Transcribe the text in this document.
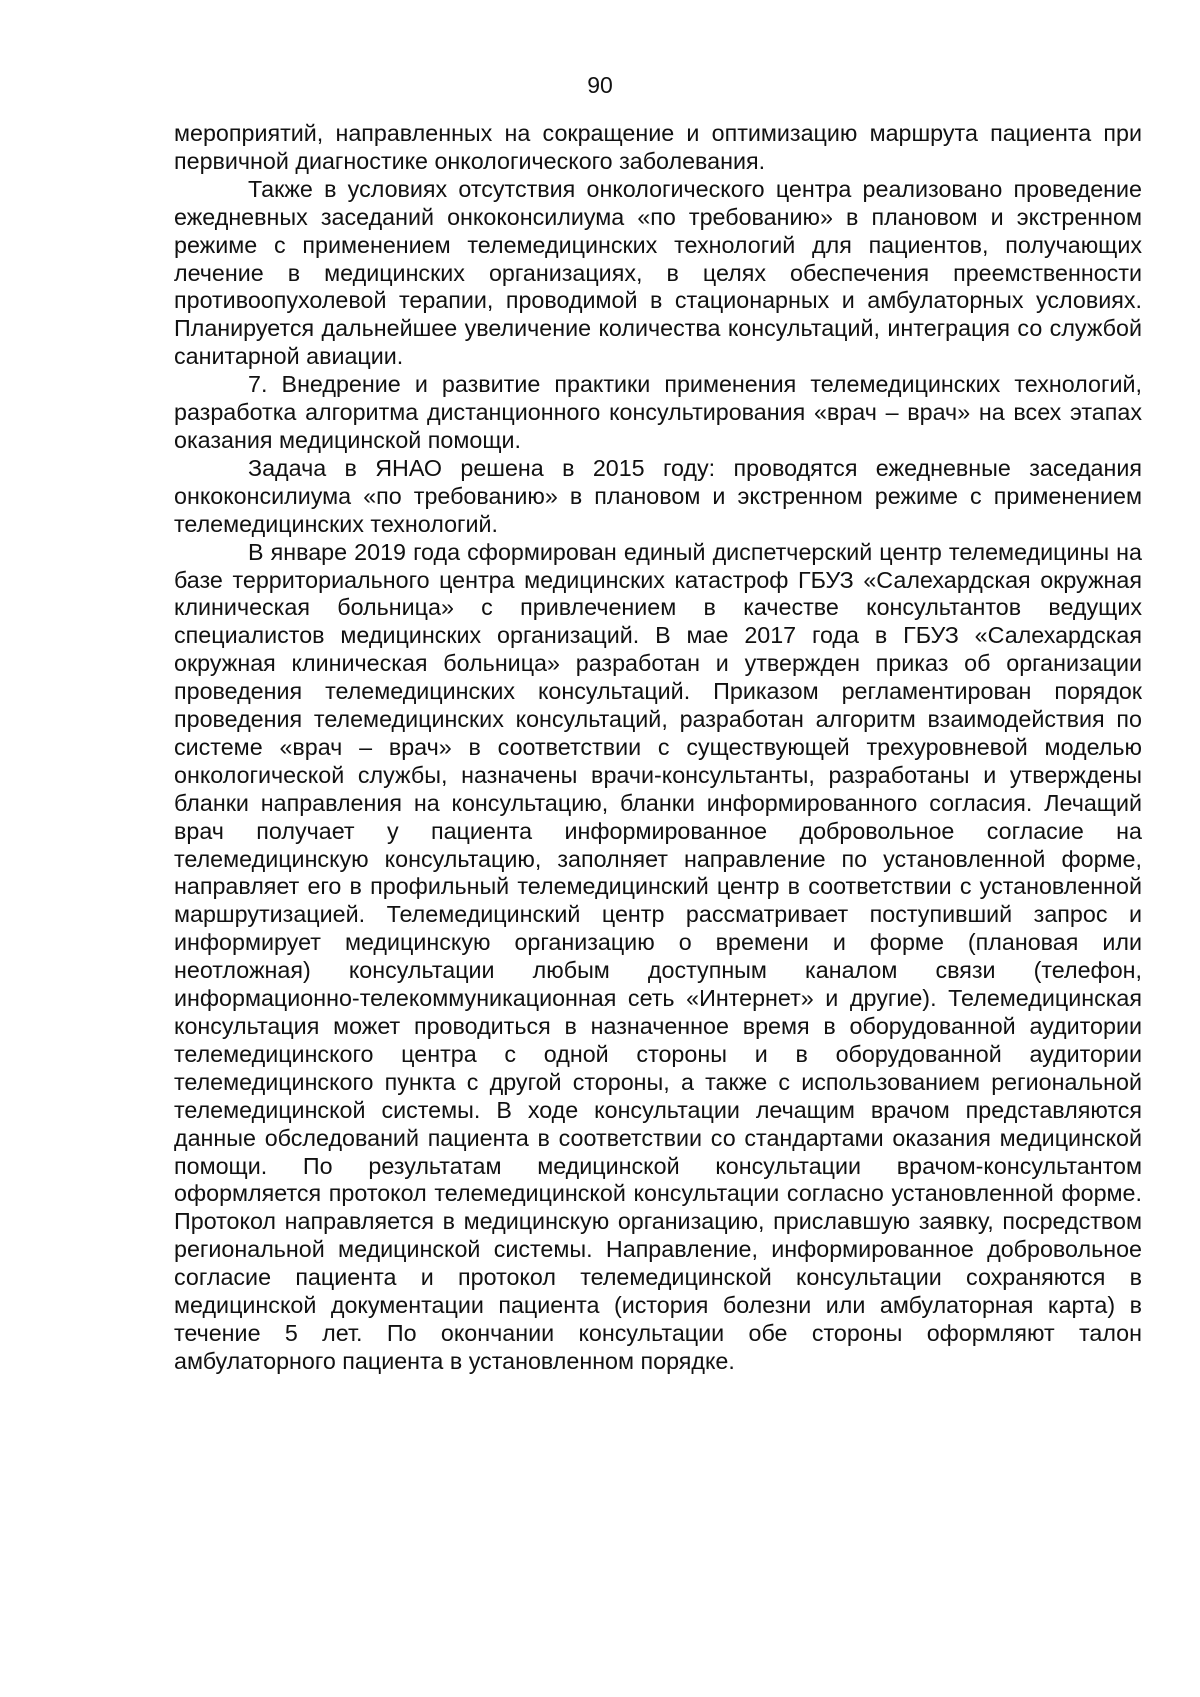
90

мероприятий, направленных на сокращение и оптимизацию маршрута пациента при первичной диагностике онкологического заболевания.

Также в условиях отсутствия онкологического центра реализовано проведение ежедневных заседаний онкоконсилиума «по требованию» в плановом и экстренном режиме с применением телемедицинских технологий для пациентов, получающих лечение в медицинских организациях, в целях обеспечения преемственности противоопухолевой терапии, проводимой в стационарных и амбулаторных условиях. Планируется дальнейшее увеличение количества консультаций, интеграция со службой санитарной авиации.

7. Внедрение и развитие практики применения телемедицинских технологий, разработка алгоритма дистанционного консультирования «врач – врач» на всех этапах оказания медицинской помощи.

Задача в ЯНАО решена в 2015 году: проводятся ежедневные заседания онкоконсилиума «по требованию» в плановом и экстренном режиме с применением телемедицинских технологий.

В январе 2019 года сформирован единый диспетчерский центр телемедицины на базе территориального центра медицинских катастроф ГБУЗ «Салехардская окружная клиническая больница» с привлечением в качестве консультантов ведущих специалистов медицинских организаций. В мае 2017 года в ГБУЗ «Салехардская окружная клиническая больница» разработан и утвержден приказ об организации проведения телемедицинских консультаций. Приказом регламентирован порядок проведения телемедицинских консультаций, разработан алгоритм взаимодействия по системе «врач – врач» в соответствии с существующей трехуровневой моделью онкологической службы, назначены врачи-консультанты, разработаны и утверждены бланки направления на консультацию, бланки информированного согласия. Лечащий врач получает у пациента информированное добровольное согласие на телемедицинскую консультацию, заполняет направление по установленной форме, направляет его в профильный телемедицинский центр в соответствии с установленной маршрутизацией. Телемедицинский центр рассматривает поступивший запрос и информирует медицинскую организацию о времени и форме (плановая или неотложная) консультации любым доступным каналом связи (телефон, информационно-телекоммуникационная сеть «Интернет» и другие). Телемедицинская консультация может проводиться в назначенное время в оборудованной аудитории телемедицинского центра с одной стороны и в оборудованной аудитории телемедицинского пункта с другой стороны, а также с использованием региональной телемедицинской системы. В ходе консультации лечащим врачом представляются данные обследований пациента в соответствии со стандартами оказания медицинской помощи. По результатам медицинской консультации врачом-консультантом оформляется протокол телемедицинской консультации согласно установленной форме. Протокол направляется в медицинскую организацию, приславшую заявку, посредством региональной медицинской системы. Направление, информированное добровольное согласие пациента и протокол телемедицинской консультации сохраняются в медицинской документации пациента (история болезни или амбулаторная карта) в течение 5 лет. По окончании консультации обе стороны оформляют талон амбулаторного пациента в установленном порядке.
